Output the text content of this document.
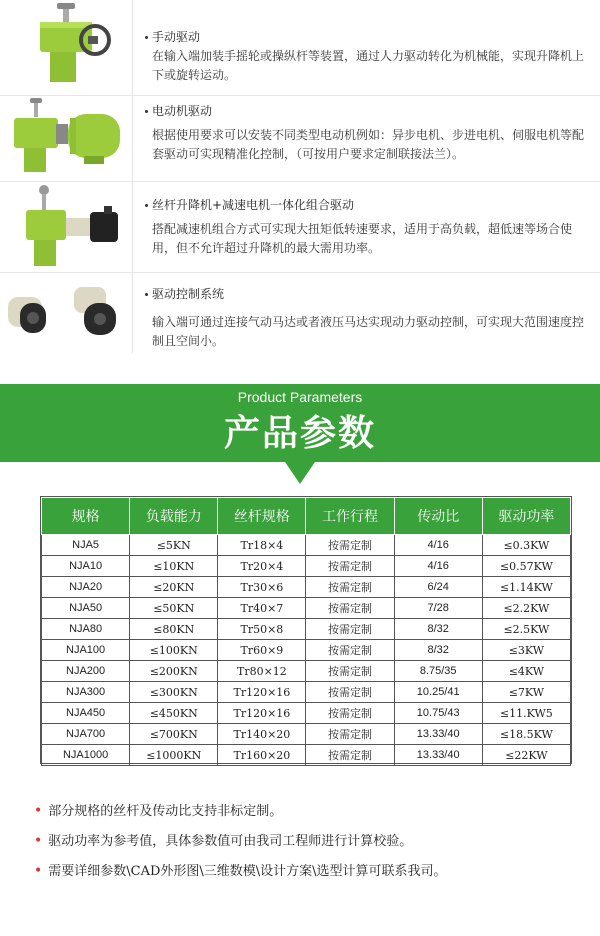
手动驱动
在输入端加装手摇轮或操纵杆等装置，通过人力驱动转化为机械能，实现升降机上下或旋转运动。
电动机驱动
根据使用要求可以安装不同类型电动机例如：异步电机、步进电机、伺服电机等配套驱动可实现精准化控制，（可按用户要求定制联接法兰）。
丝杆升降机+减速电机一体化组合驱动
搭配减速机组合方式可实现大扭矩低转速要求，适用于高负载，超低速等场合使用，但不允许超过升降机的最大需用功率。
驱动控制系统
输入端可通过连接气动马达或者液压马达实现动力驱动控制，可实现大范围速度控制且空间小。
Product Parameters
产品参数
规格	负载能力	丝杆规格	工作行程	传动比	驱动功率
NJA5	≤5KN	Tr18×4	按需定制	4/16	≤0.3KW
NJA10	≤10KN	Tr20×4	按需定制	4/16	≤0.57KW
NJA20	≤20KN	Tr30×6	按需定制	6/24	≤1.14KW
NJA50	≤50KN	Tr40×7	按需定制	7/28	≤2.2KW
NJA80	≤80KN	Tr50×8	按需定制	8/32	≤2.5KW
NJA100	≤100KN	Tr60×9	按需定制	8/32	≤3KW
NJA200	≤200KN	Tr80×12	按需定制	8.75/35	≤4KW
NJA300	≤300KN	Tr120×16	按需定制	10.25/41	≤7KW
NJA450	≤450KN	Tr120×16	按需定制	10.75/43	≤11.KW5
NJA700	≤700KN	Tr140×20	按需定制	13.33/40	≤18.5KW
NJA1000	≤1000KN	Tr160×20	按需定制	13.33/40	≤22KW
• 部分规格的丝杆及传动比支持非标定制。
• 驱动功率为参考值，具体参数值可由我司工程师进行计算校验。
• 需要详细参数\CAD外形图\三维数模\设计方案\选型计算可联系我司。
